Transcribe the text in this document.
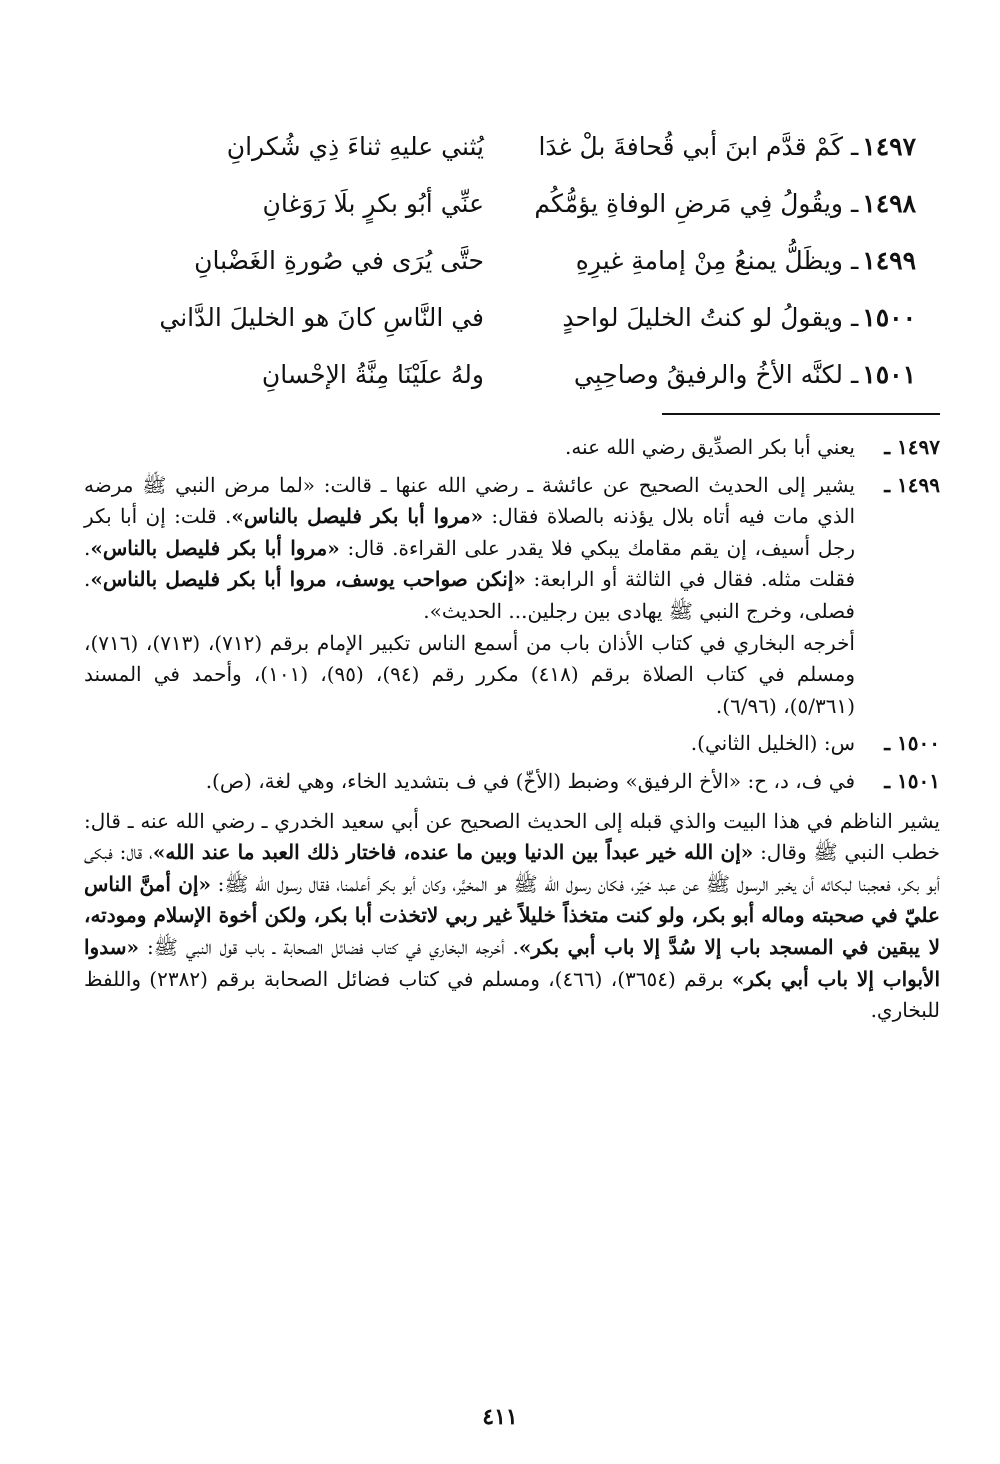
١٤٩٧ـ كَمْ قدَّم ابنَ أبي قُحافةَ بلْ غدَا
يُثني عليهِ ثناءَ ذِي شُكرانِ
١٤٩٨ـ ويقُولُ فِي مَرضِ الوفاةِ يؤمُّكُم
عنِّي أبُو بكرٍ بلَا رَوَغانِ
١٤٩٩ـ ويظَلُّ يمنعُ مِنْ إمامةِ غيرِهِ
حتَّى يُرَى في صُورةِ الغَضْبانِ
١٥٠٠ـ ويقولُ لو كنتُ الخليلَ لواحدٍ
في النَّاسِ كانَ هو الخليلَ الدَّاني
١٥٠١ـ لكنَّه الأخُ والرفيقُ وصاحِبِي
ولهُ علَيْنَا مِنَّةُ الإحْسانِ
١٤٩٧ ـ
يعني أبا بكر الصدِّيق رضي الله عنه.
١٤٩٩ ـ

يشير إلى الحديث الصحيح عن عائشة ـ رضي الله عنها ـ قالت: «لما مرض النبي ﷺ مرضه الذي مات فيه أتاه بلال يؤذنه بالصلاة فقال: «مروا أبا بكر فليصل بالناس». قلت: إن أبا بكر رجل أسيف، إن يقم مقامك يبكي فلا يقدر على القراءة. قال: «مروا أبا بكر فليصل بالناس». فقلت مثله. فقال في الثالثة أو الرابعة: «إنكن صواحب يوسف، مروا أبا بكر فليصل بالناس». فصلى، وخرج النبي ﷺ يهادى بين رجلين... الحديث».

أخرجه البخاري في كتاب الأذان باب من أسمع الناس تكبير الإمام برقم (٧١٢)، (٧١٣)، (٧١٦)، ومسلم في كتاب الصلاة برقم (٤١٨) مكرر رقم (٩٤)، (٩٥)، (١٠١)، وأحمد في المسند (٥/٣٦١)، (٦/٩٦).

١٥٠٠ ـ
س: (الخليل الثاني).
١٥٠١ ـ
في ف، د، ح: «الأخ الرفيق» وضبط (الأخّ) في ف بتشديد الخاء، وهي لغة، (ص).

يشير الناظم في هذا البيت والذي قبله إلى الحديث الصحيح عن أبي سعيد الخدري ـ رضي الله عنه ـ قال: خطب النبي ﷺ وقال: «إن الله خير عبداً بين الدنيا وبين ما عنده، فاختار ذلك العبد ما عند الله»، قال: فبكى أبو بكر، فعجبنا لبكائه أن يخبر الرسول ﷺ عن عبد خيّر، فكان رسول الله ﷺ هو المخيَّر، وكان أبو بكر أعلمنا، فقال رسول الله ﷺ: «إن أمنَّ الناس عليّ في صحبته وماله أبو بكر، ولو كنت متخذاً خليلاً غير ربي لاتخذت أبا بكر، ولكن أخوة الإسلام ومودته، لا يبقين في المسجد باب إلا سُدَّ إلا باب أبي بكر». أخرجه البخاري في كتاب فضائل الصحابة ـ باب قول النبي ﷺ: «سدوا الأبواب إلا باب أبي بكر» برقم (٣٦٥٤)، (٤٦٦)، ومسلم في كتاب فضائل الصحابة برقم (٢٣٨٢) واللفظ للبخاري.

٤١١
